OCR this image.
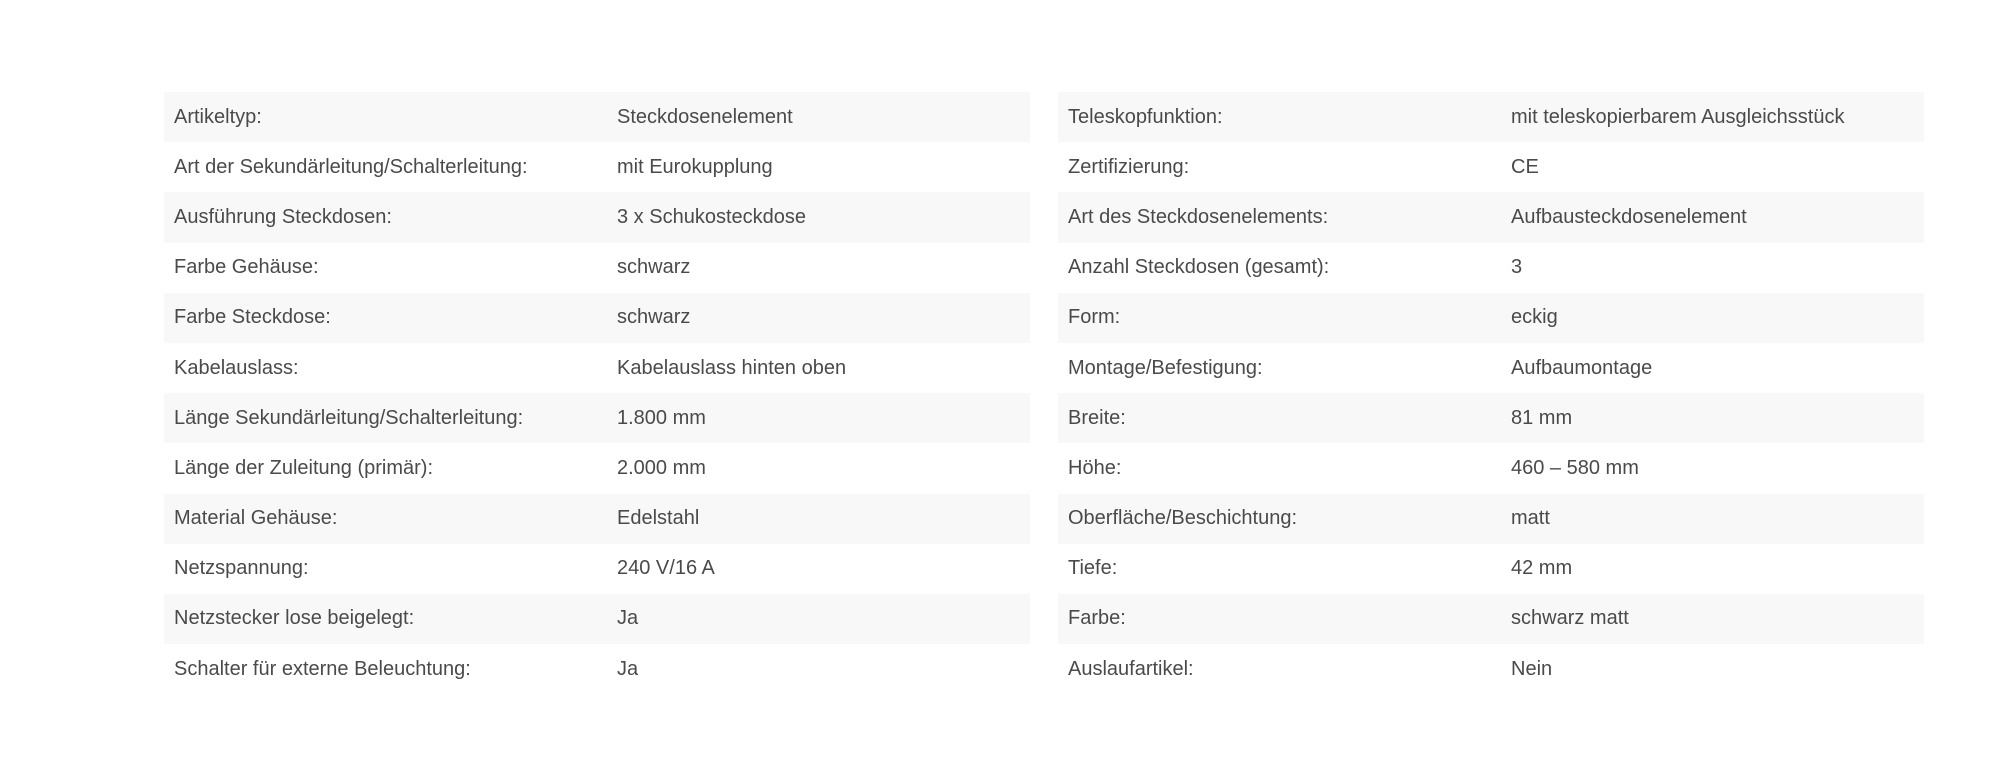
Artikeltyp:	Steckdosenelement
Art der Sekundärleitung/Schalterleitung:	mit Eurokupplung
Ausführung Steckdosen:	3 x Schukosteckdose
Farbe Gehäuse:	schwarz
Farbe Steckdose:	schwarz
Kabelauslass:	Kabelauslass hinten oben
Länge Sekundärleitung/Schalterleitung:	1.800 mm
Länge der Zuleitung (primär):	2.000 mm
Material Gehäuse:	Edelstahl
Netzspannung:	240 V/16 A
Netzstecker lose beigelegt:	Ja
Schalter für externe Beleuchtung:	Ja
Teleskopfunktion:	mit teleskopierbarem Ausgleichsstück
Zertifizierung:	CE
Art des Steckdosenelements:	Aufbausteckdosenelement
Anzahl Steckdosen (gesamt):	3
Form:	eckig
Montage/Befestigung:	Aufbaumontage
Breite:	81 mm
Höhe:	460 – 580 mm
Oberfläche/Beschichtung:	matt
Tiefe:	42 mm
Farbe:	schwarz matt
Auslaufartikel:	Nein
